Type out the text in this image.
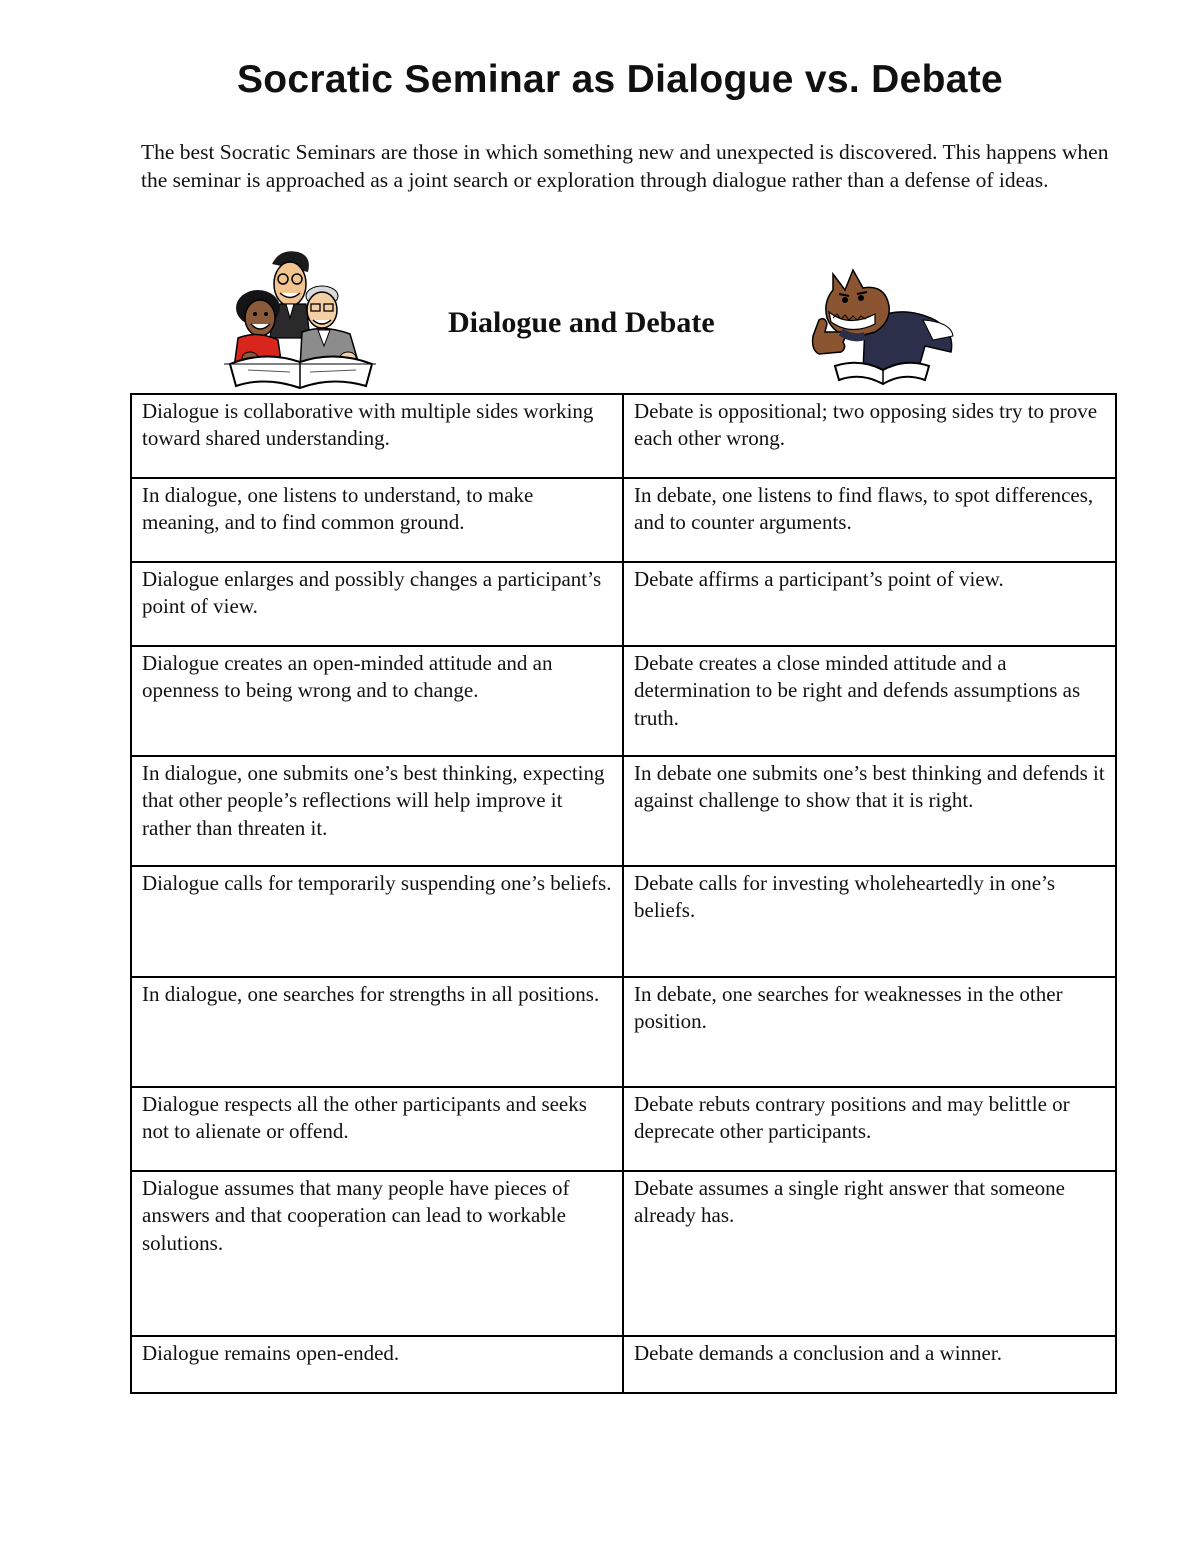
Socratic Seminar as Dialogue vs. Debate

The best Socratic Seminars are those in which something new and unexpected is discovered. This happens when the seminar is approached as a joint search or exploration through dialogue rather than a defense of ideas.

Dialogue and Debate
Dialogue is collaborative with multiple sides working toward shared understanding.	Debate is oppositional; two opposing sides try to prove each other wrong.
In dialogue, one listens to understand, to make meaning, and to find common ground.	In debate, one listens to find flaws, to spot differences, and to counter arguments.
Dialogue enlarges and possibly changes a participant’s point of view.	Debate affirms a participant’s point of view.
Dialogue creates an open-minded attitude and an openness to being wrong and to change.	Debate creates a close minded attitude and a determination to be right and defends assumptions as truth.
In dialogue, one submits one’s best thinking, expecting that other people’s reflections will help improve it rather than threaten it.	In debate one submits one’s best thinking and defends it against challenge to show that it is right.
Dialogue calls for temporarily suspending one’s beliefs.	Debate calls for investing wholeheartedly in one’s
beliefs.
In dialogue, one searches for strengths in all positions.	In debate, one searches for weaknesses in the other
position.
Dialogue respects all the other participants and seeks not to alienate or offend.	Debate rebuts contrary positions and may belittle or deprecate other participants.
Dialogue assumes that many people have pieces of
answers and that cooperation can lead to workable
solutions.	Debate assumes a single right answer that someone
already has.
Dialogue remains open-ended.	Debate demands a conclusion and a winner.
